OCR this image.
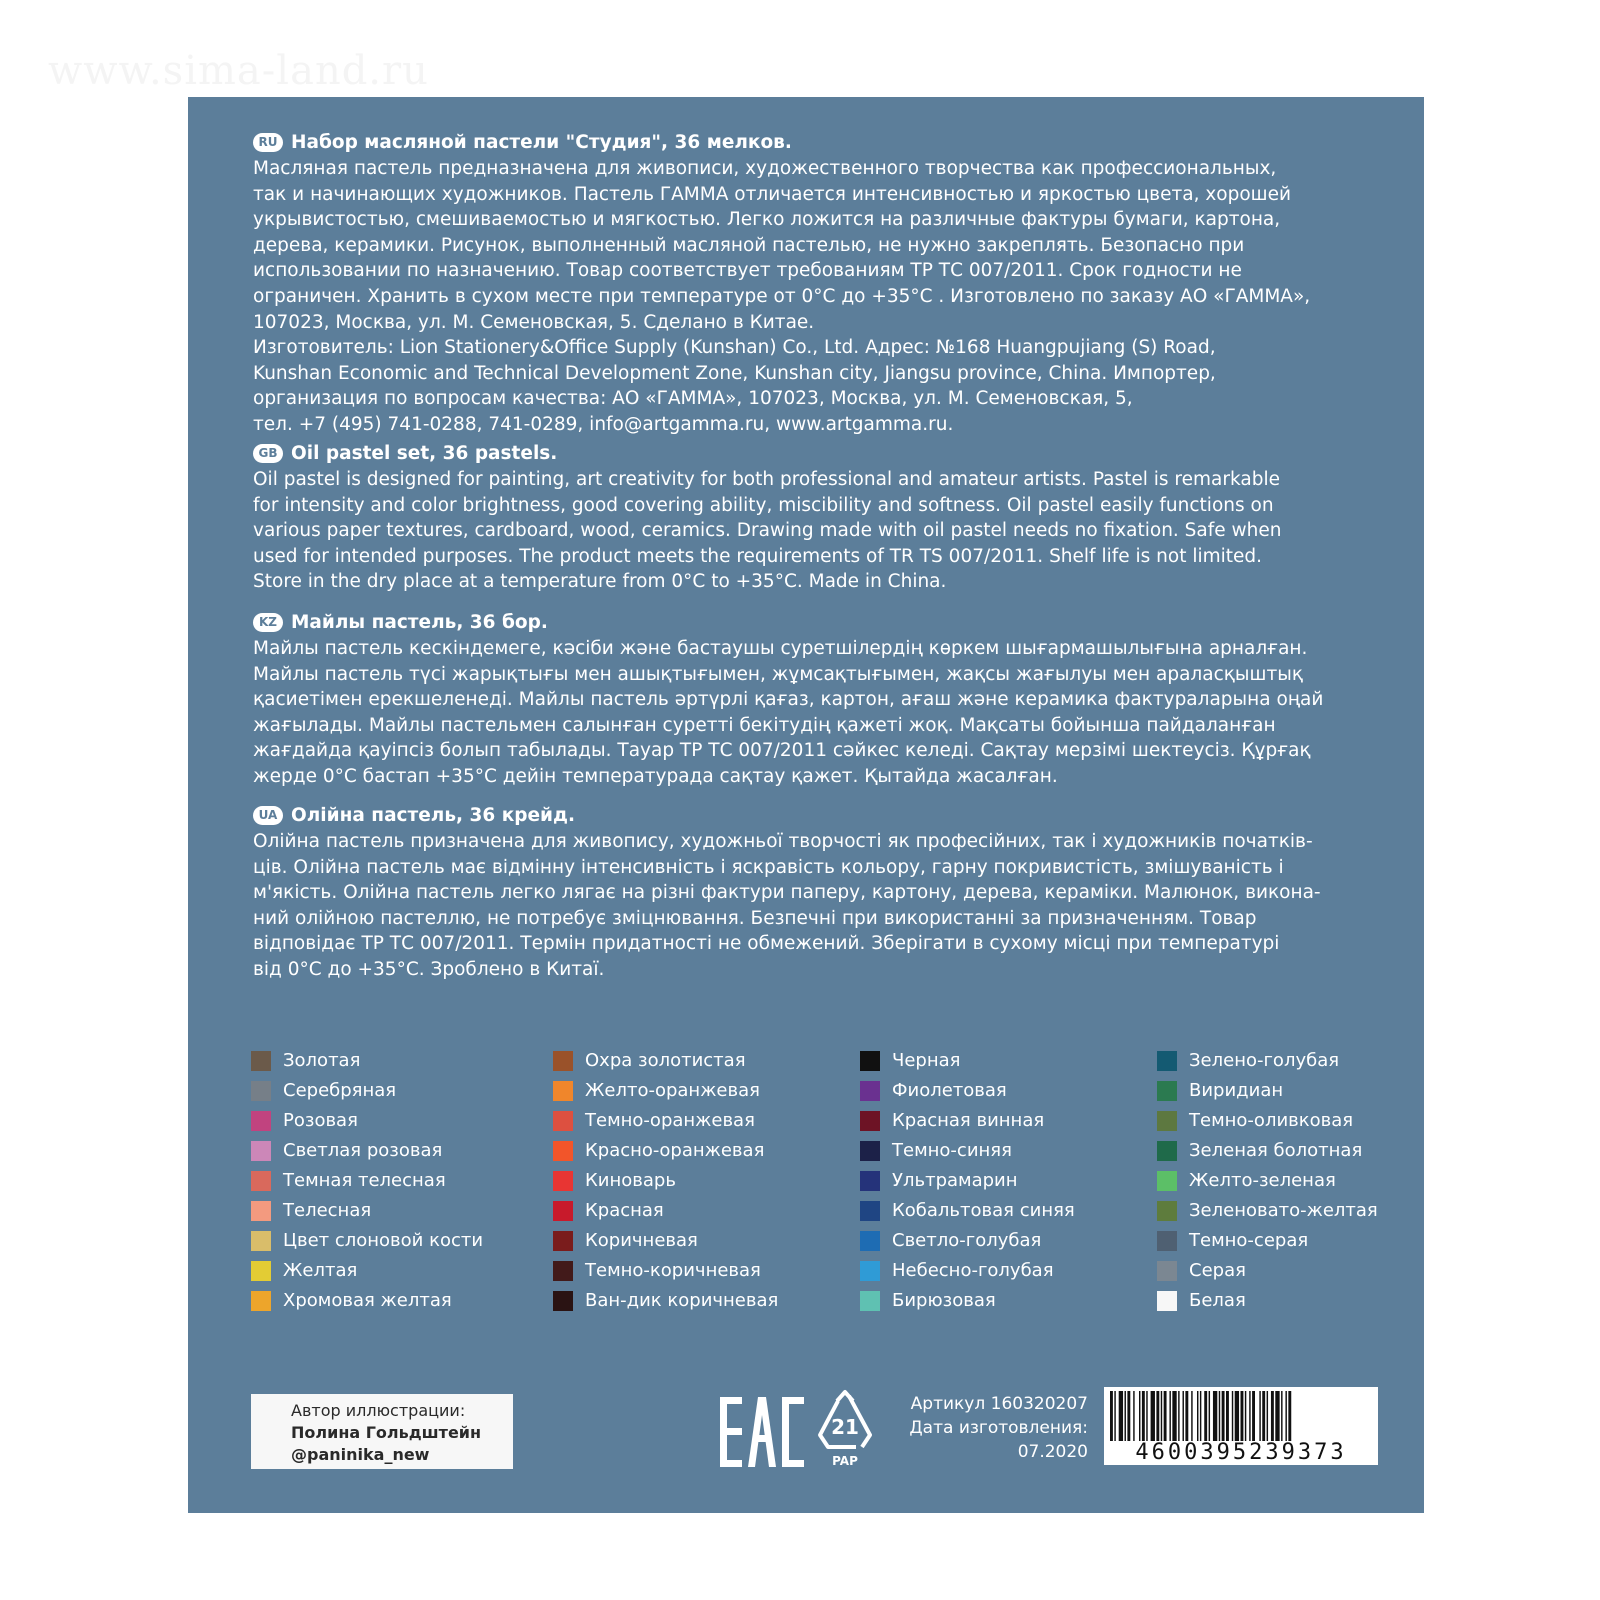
www.sima-land.ru
RU Набор масляной пастели "Студия", 36 мелков.
Масляная пастель предназначена для живописи, художественного творчества как профессиональных,
так и начинающих художников. Пастель ГАММА отличается интенсивностью и яркостью цвета, хорошей
укрывистостью, смешиваемостью и мягкостью. Легко ложится на различные фактуры бумаги, картона,
дерева, керамики. Рисунок, выполненный масляной пастелью, не нужно закреплять. Безопасно при
использовании по назначению. Товар соответствует требованиям ТР ТС 007/2011. Срок годности не
ограничен. Хранить в сухом месте при температуре от 0°С до +35°С . Изготовлено по заказу АО «ГАММА»,
107023, Москва, ул. М. Семеновская, 5. Сделано в Китае.
Изготовитель: Lion Stationery&Office Supply (Kunshan) Co., Ltd. Адрес: №168 Huangpujiang (S) Road,
Kunshan Economic and Technical Development Zone, Kunshan city, Jiangsu province, China. Импортер,
организация по вопросам качества: АО «ГАММА», 107023, Москва, ул. М. Семеновская, 5,
тел. +7 (495) 741-0288, 741-0289, info@artgamma.ru, www.artgamma.ru.
GB Oil pastel set, 36 pastels.
Oil pastel is designed for painting, art creativity for both professional and amateur artists. Pastel is remarkable
for intensity and color brightness, good covering ability, miscibility and softness. Oil pastel easily functions on
various paper textures, cardboard, wood, ceramics. Drawing made with oil pastel needs no fixation. Safe when
used for intended purposes. The product meets the requirements of TR TS 007/2011. Shelf life is not limited.
Store in the dry place at a temperature from 0°С to +35°С. Made in China.
KZ Майлы пастель, 36 бор.
Майлы пастель кескіндемеге, кәсіби және бастаушы суретшілердің көркем шығармашылығына арналған.
Майлы пастель түсі жарықтығы мен ашықтығымен, жұмсақтығымен, жақсы жағылуы мен араласқыштық
қасиетімен ерекшеленеді. Майлы пастель әртүрлі қағаз, картон, ағаш және керамика фактураларына оңай
жағылады. Майлы пастельмен салынған суретті бекітудің қажеті жоқ. Мақсаты бойынша пайдаланған
жағдайда қауіпсіз болып табылады. Тауар ТР ТС 007/2011 сәйкес келеді. Сақтау мерзімі шектеусіз. Құрғақ
жерде 0°С бастап +35°С дейін температурада сақтау қажет. Қытайда жасалған.
UA Олійна пастель, 36 крейд.
Олійна пастель призначена для живопису, художньої творчості як професійних, так і художників початків-
ців. Олійна пастель має відмінну інтенсивність і яскравість кольору, гарну покривистість, змішуваність і
м'якість. Олійна пастель легко лягає на різні фактури паперу, картону, дерева, кераміки. Малюнок, викона-
ний олійною пастеллю, не потребує зміцнювання. Безпечні при використанні за призначенням. Товар
відповідає ТР ТС 007/2011. Термін придатності не обмежений. Зберігати в сухому місці при температурі
від 0°С до +35°С. Зроблено в Китаї.
Золотая
Серебряная
Розовая
Светлая розовая
Темная телесная
Телесная
Цвет слоновой кости
Желтая
Хромовая желтая
Охра золотистая
Желто-оранжевая
Темно-оранжевая
Красно-оранжевая
Киноварь
Красная
Коричневая
Темно-коричневая
Ван-дик коричневая
Черная
Фиолетовая
Красная винная
Темно-синяя
Ультрамарин
Кобальтовая синяя
Светло-голубая
Небесно-голубая
Бирюзовая
Зелено-голубая
Виридиан
Темно-оливковая
Зеленая болотная
Желто-зеленая
Зеленовато-желтая
Темно-серая
Серая
Белая
Автор иллюстрации:
Полина Гольдштейн
@paninika_new
21
PAP
Артикул 160320207
Дата изготовления:
07.2020	4600395239373
